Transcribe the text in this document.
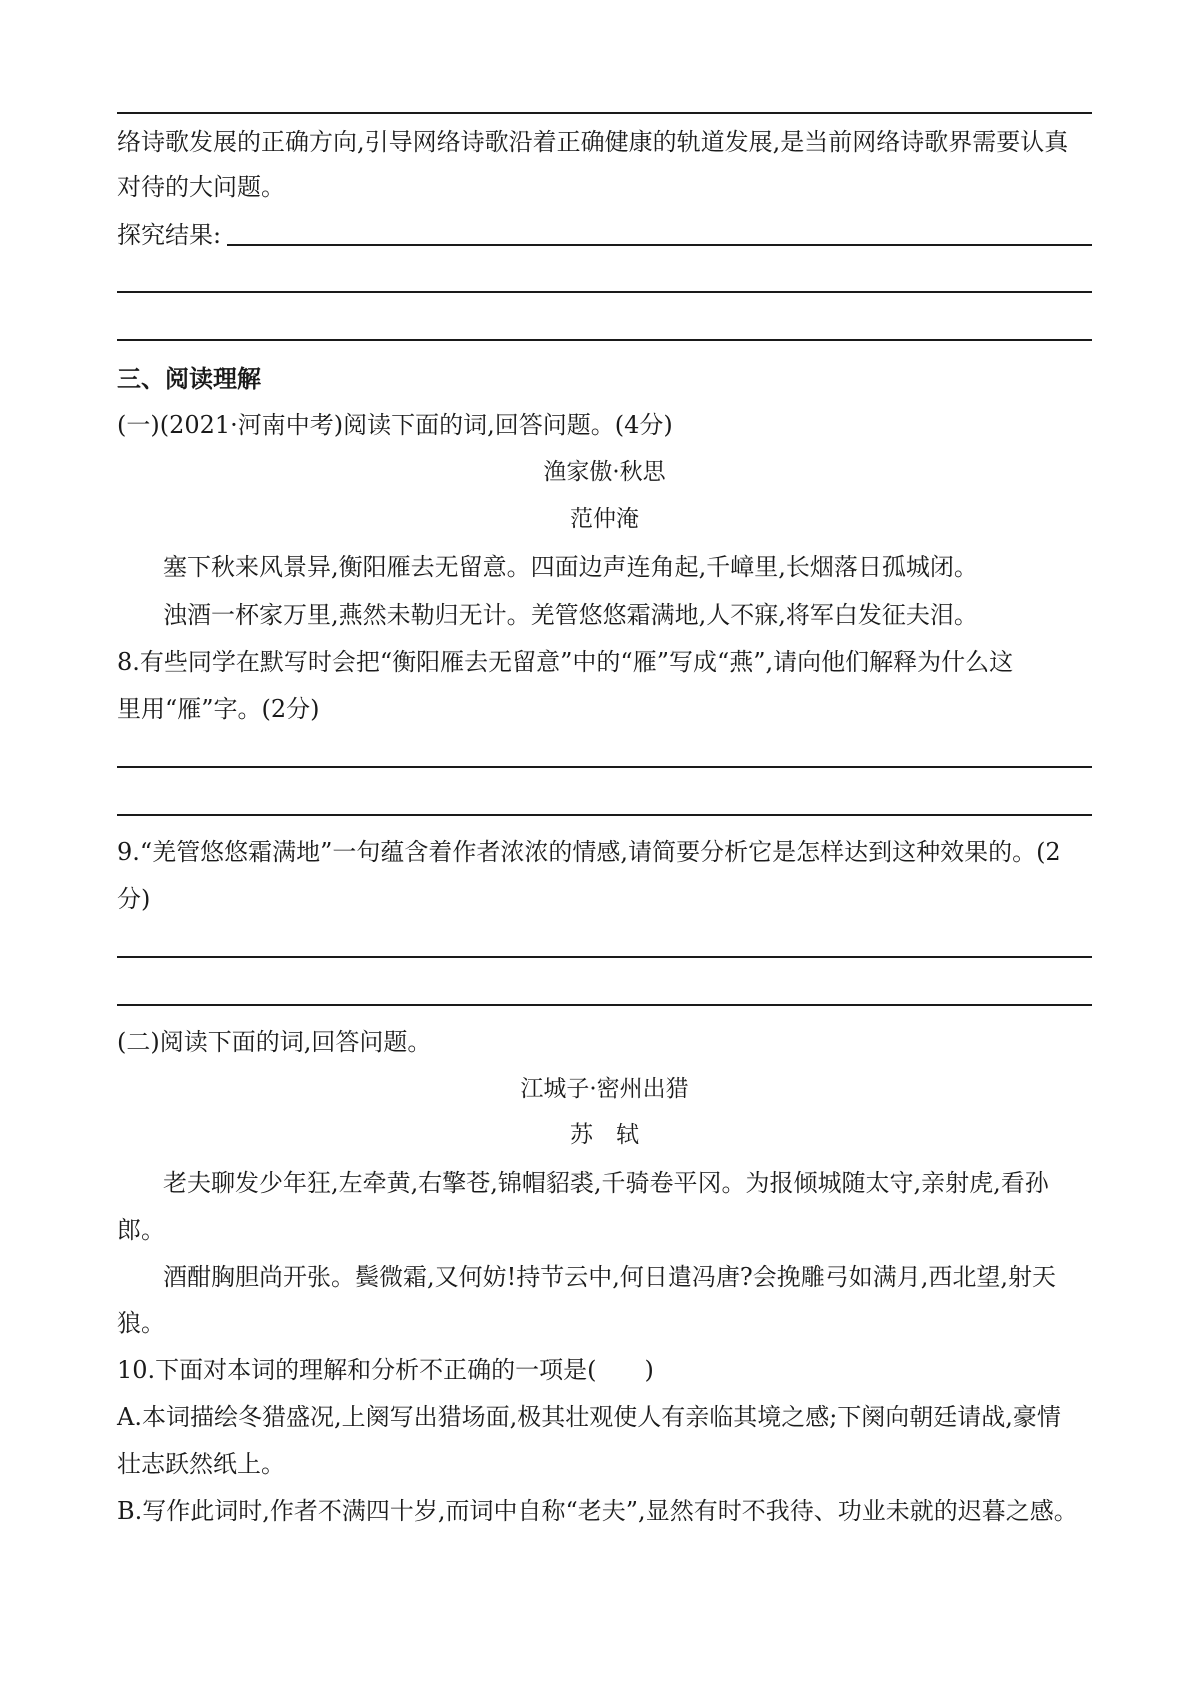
络诗歌发展的正确方向,引导网络诗歌沿着正确健康的轨道发展,是当前网络诗歌界需要认真

对待的大问题。

探究结果:

三、阅读理解

(一)(2021·河南中考)阅读下面的词,回答问题。(4分)

渔家傲·秋思

范仲淹

塞下秋来风景异,衡阳雁去无留意。四面边声连角起,千嶂里,长烟落日孤城闭。

浊酒一杯家万里,燕然未勒归无计。羌管悠悠霜满地,人不寐,将军白发征夫泪。

8.有些同学在默写时会把“衡阳雁去无留意”中的“雁”写成“燕”,请向他们解释为什么这

里用“雁”字。(2分)

9.“羌管悠悠霜满地”一句蕴含着作者浓浓的情感,请简要分析它是怎样达到这种效果的。(2

分)

(二)阅读下面的词,回答问题。

江城子·密州出猎

苏　轼

老夫聊发少年狂,左牵黄,右擎苍,锦帽貂裘,千骑卷平冈。为报倾城随太守,亲射虎,看孙

郎。

酒酣胸胆尚开张。鬓微霜,又何妨!持节云中,何日遣冯唐?会挽雕弓如满月,西北望,射天

狼。

10.下面对本词的理解和分析不正确的一项是(　　)

A.本词描绘冬猎盛况,上阕写出猎场面,极其壮观使人有亲临其境之感;下阕向朝廷请战,豪情

壮志跃然纸上。

B.写作此词时,作者不满四十岁,而词中自称“老夫”,显然有时不我待、功业未就的迟暮之感。
